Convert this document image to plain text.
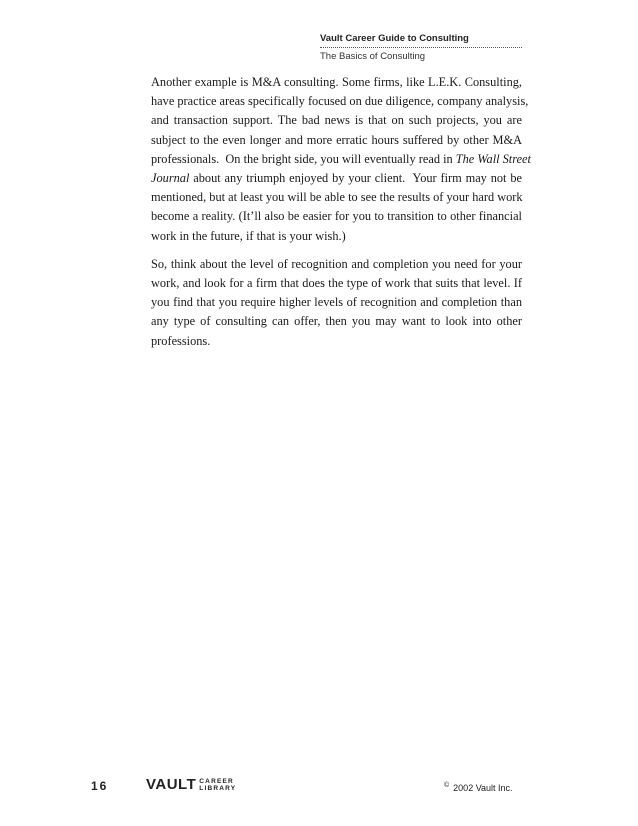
Vault Career Guide to Consulting
The Basics of Consulting
Another example is M&A consulting. Some firms, like L.E.K. Consulting,
have practice areas specifically focused on due diligence, company analysis,
and transaction support. The bad news is that on such projects, you are
subject to the even longer and more erratic hours suffered by other M&A
professionals.  On the bright side, you will eventually read in The Wall Street
Journal about any triumph enjoyed by your client.  Your firm may not be
mentioned, but at least you will be able to see the results of your hard work
become a reality. (It’ll also be easier for you to transition to other financial
work in the future, if that is your wish.)
So, think about the level of recognition and completion you need for your
work, and look for a firm that does the type of work that suits that level. If
you find that you require higher levels of recognition and completion than
any type of consulting can offer, then you may want to look into other
professions.
16	VAULT CAREER
LIBRARY	© 2002 Vault Inc.
